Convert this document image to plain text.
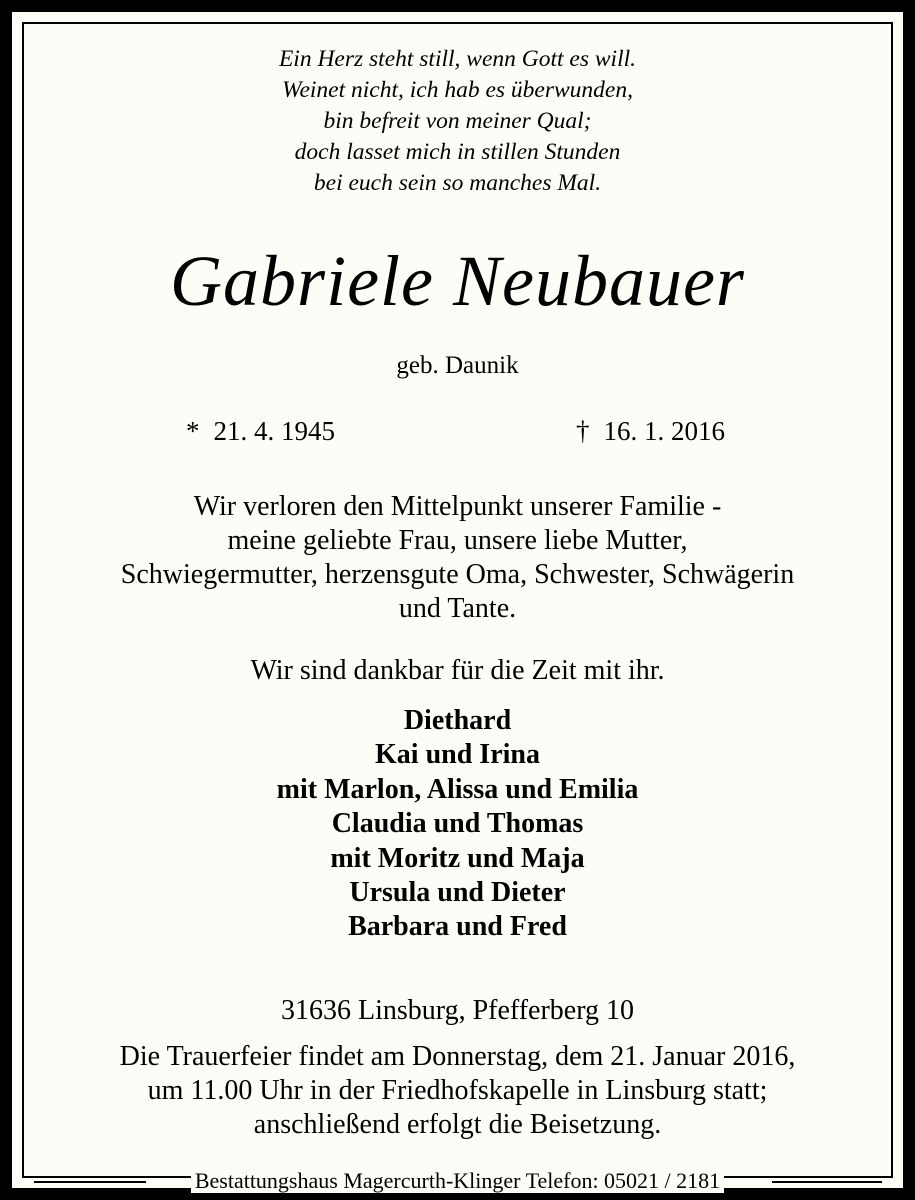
Ein Herz steht still, wenn Gott es will.
Weinet nicht, ich hab es überwunden,
bin befreit von meiner Qual;
doch lasset mich in stillen Stunden
bei euch sein so manches Mal.
Gabriele Neubauer
geb. Daunik
* 21. 4. 1945	† 16. 1. 2016
Wir verloren den Mittelpunkt unserer Familie -
meine geliebte Frau, unsere liebe Mutter,
Schwiegermutter, herzensgute Oma, Schwester, Schwägerin
und Tante.
Wir sind dankbar für die Zeit mit ihr.
Diethard
Kai und Irina
mit Marlon, Alissa und Emilia
Claudia und Thomas
mit Moritz und Maja
Ursula und Dieter
Barbara und Fred
31636 Linsburg, Pfefferberg 10
Die Trauerfeier findet am Donnerstag, dem 21. Januar 2016,
um 11.00 Uhr in der Friedhofskapelle in Linsburg statt;
anschließend erfolgt die Beisetzung.
Bestattungshaus Magercurth-Klinger Telefon: 05021 / 2181
